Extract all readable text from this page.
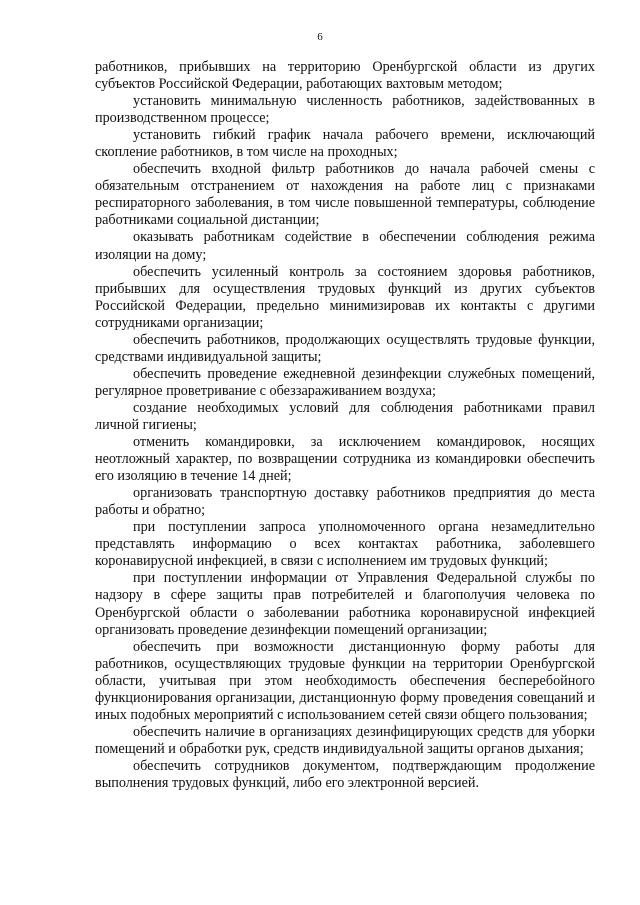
6

работников, прибывших на территорию Оренбургской области из других субъектов Российской Федерации, работающих вахтовым методом;

установить минимальную численность работников, задействованных в производственном процессе;

установить гибкий график начала рабочего времени, исключающий скопление работников, в том числе на проходных;

обеспечить входной фильтр работников до начала рабочей смены с обязательным отстранением от нахождения на работе лиц с признаками респираторного заболевания, в том числе повышенной температуры, соблюдение работниками социальной дистанции;

оказывать работникам содействие в обеспечении соблюдения режима изоляции на дому;

обеспечить усиленный контроль за состоянием здоровья работников, прибывших для осуществления трудовых функций из других субъектов Российской Федерации, предельно минимизировав их контакты с другими сотрудниками организации;

обеспечить работников, продолжающих осуществлять трудовые функции, средствами индивидуальной защиты;

обеспечить проведение ежедневной дезинфекции служебных помещений, регулярное проветривание с обеззараживанием воздуха;

создание необходимых условий для соблюдения работниками правил личной гигиены;

отменить командировки, за исключением командировок, носящих неотложный характер, по возвращении сотрудника из командировки обеспечить его изоляцию в течение 14 дней;

организовать транспортную доставку работников предприятия до места работы и обратно;

при поступлении запроса уполномоченного органа незамедлительно представлять информацию о всех контактах работника, заболевшего коронавирусной инфекцией, в связи с исполнением им трудовых функций;

при поступлении информации от Управления Федеральной службы по надзору в сфере защиты прав потребителей и благополучия человека по Оренбургской области о заболевании работника коронавирусной инфекцией организовать проведение дезинфекции помещений организации;

обеспечить при возможности дистанционную форму работы для работников, осуществляющих трудовые функции на территории Оренбургской области, учитывая при этом необходимость обеспечения бесперебойного функционирования организации, дистанционную форму проведения совещаний и иных подобных мероприятий с использованием сетей связи общего пользования;

обеспечить наличие в организациях дезинфицирующих средств для уборки помещений и обработки рук, средств индивидуальной защиты органов дыхания;

обеспечить сотрудников документом, подтверждающим продолжение выполнения трудовых функций, либо его электронной версией.
